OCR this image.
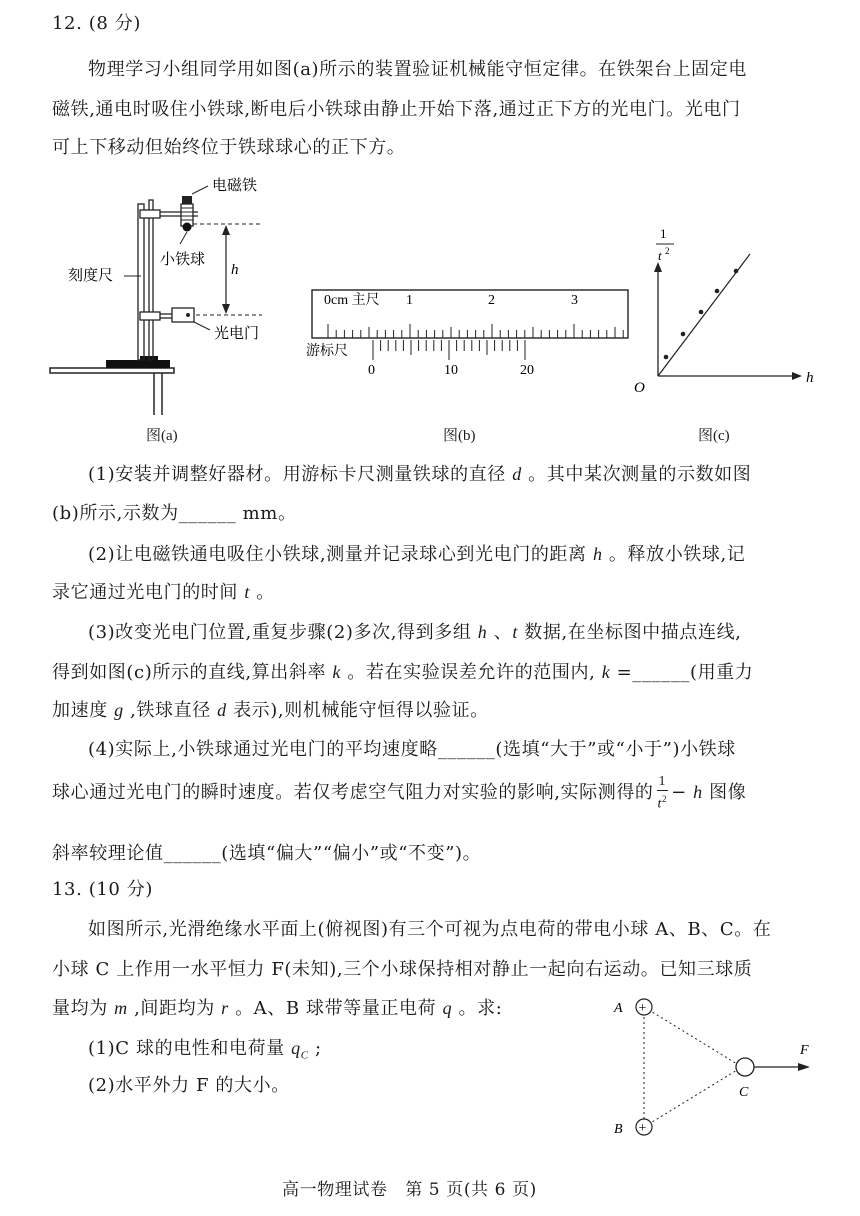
12. (8 分)
物理学习小组同学用如图(a)所示的装置验证机械能守恒定律。在铁架台上固定电
磁铁,通电时吸住小铁球,断电后小铁球由静止开始下落,通过正下方的光电门。光电门
可上下移动但始终位于铁球球心的正下方。
h
电磁铁
小铁球
刻度尺
光电门
图(a)
0cm 主尺 1	2	3
游标尺
0	10	20
图(b)
1
t 2
h
O
图(c)
(1)安装并调整好器材。用游标卡尺测量铁球的直径 d 。其中某次测量的示数如图
(b)所示,示数为______ mm。
(2)让电磁铁通电吸住小铁球,测量并记录球心到光电门的距离 h 。释放小铁球,记
录它通过光电门的时间 t 。
(3)改变光电门位置,重复步骤(2)多次,得到多组 h 、t 数据,在坐标图中描点连线,
得到如图(c)所示的直线,算出斜率 k 。若在实验误差允许的范围内, k =______(用重力
加速度 g ,铁球直径 d 表示),则机械能守恒得以验证。
(4)实际上,小铁球通过光电门的平均速度略______(选填“大于”或“小于”)小铁球
球心通过光电门的瞬时速度。若仅考虑空气阻力对实验的影响,实际测得的 $\frac{1}{t^2} - h$ 图像
斜率较理论值______(选填“偏大”“偏小”或“不变”)。
13. (10 分)
如图所示,光滑绝缘水平面上(俯视图)有三个可视为点电荷的带电小球 A、B、C。在
小球 C 上作用一水平恒力 F(未知),三个小球保持相对静止一起向右运动。已知三球质
量均为 m ,间距均为 r 。A、B 球带等量正电荷 q 。求:
(1)C 球的电性和电荷量 $q_C$ ;
(2)水平外力 F 的大小。
+
+
A
B
C
F
高一物理试卷　第 5 页(共 6 页)
